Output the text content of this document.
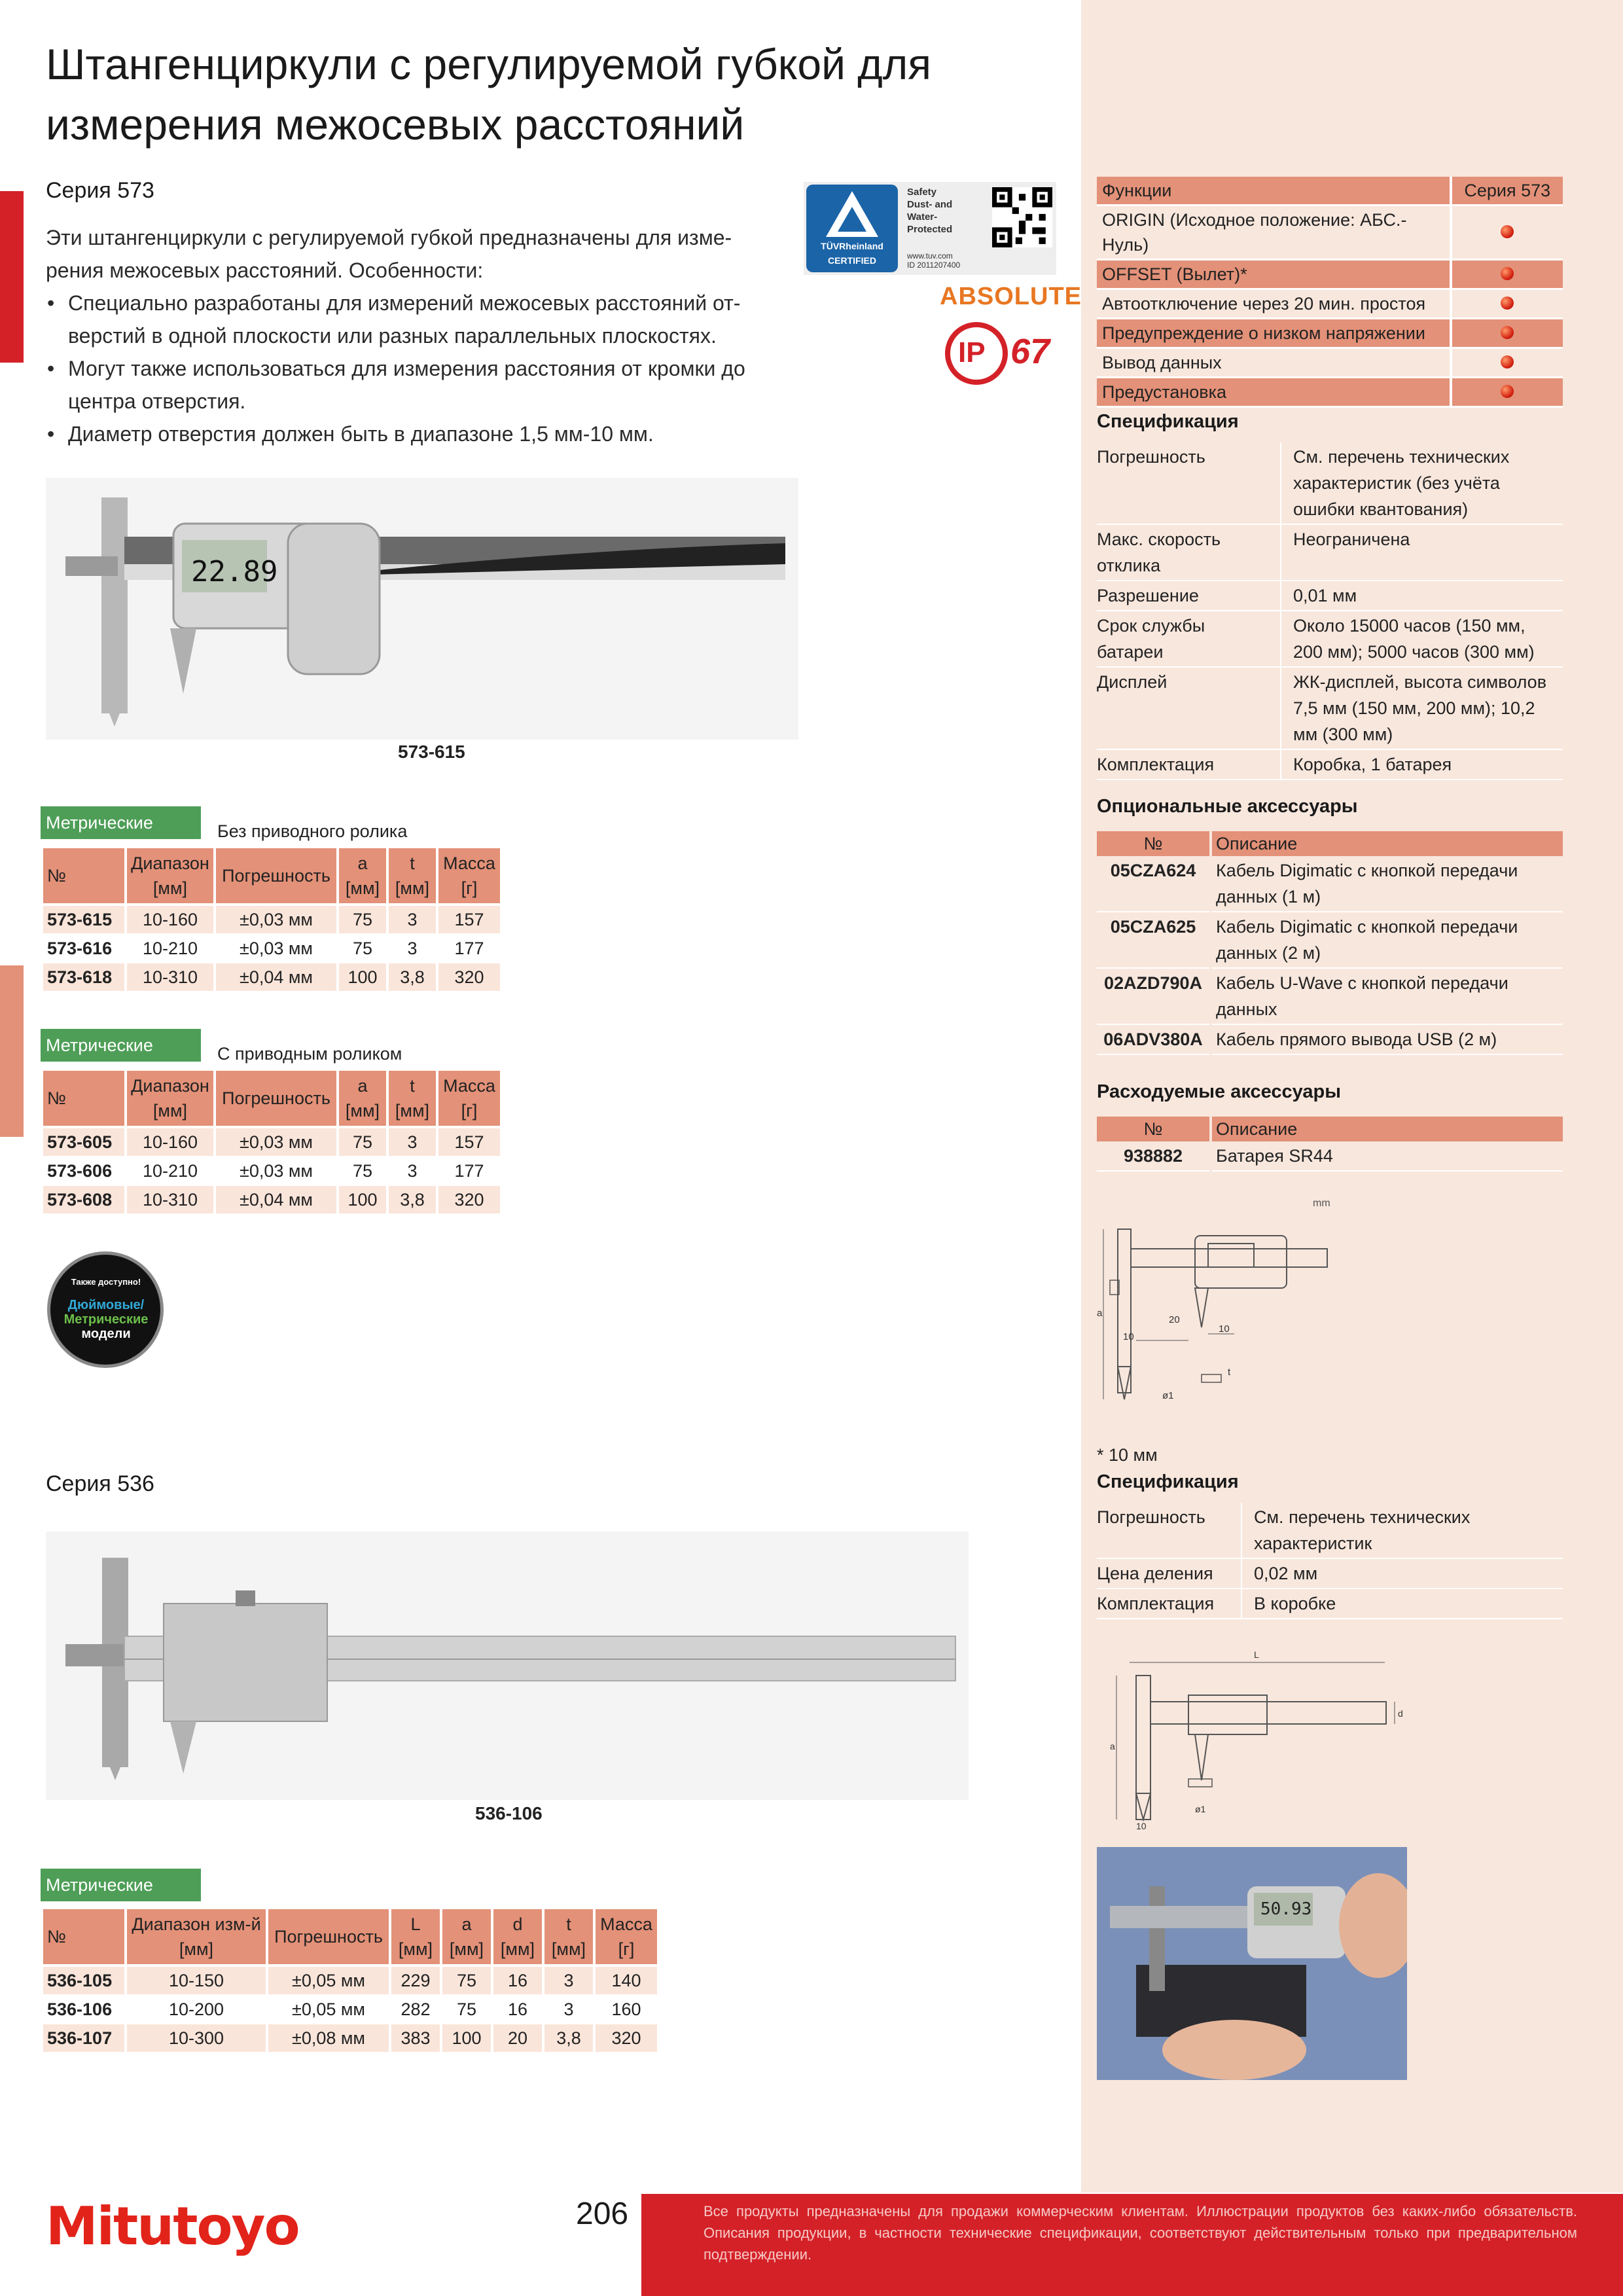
Штангенциркули с регулируемой губкой для измерения межосевых расстояний
Серия 573

Эти штангенциркули с регулируемой губкой предназначены для изме-рения межосевых расстояний. Особенности:

• Специально разработаны для измерений межосевых расстояний от-верстий в одной плоскости или разных параллельных плоскостях.
• Могут также использоваться для измерения расстояния от кромки до центра отверстия.
• Диаметр отверстия должен быть в диапазоне 1,5 мм-10 мм.
TÜVRheinland
CERTIFIED
Safety
Dust- and
Water-
Protected
www.tuv.com
ID 2011207400
ABSOLUTE
IP 67
22.89
573-615
Метрические	Без приводного ролика
№	Диапазон [мм]	Погрешность	a [мм]	t [мм]	Масса [г]
573-615	10-160	±0,03 мм	75	3	157
573-616	10-210	±0,03 мм	75	3	177
573-618	10-310	±0,04 мм	100	3,8	320
Метрические	С приводным роликом
№	Диапазон [мм]	Погрешность	a [мм]	t [мм]	Масса [г]
573-605	10-160	±0,03 мм	75	3	157
573-606	10-210	±0,03 мм	75	3	177
573-608	10-310	±0,04 мм	100	3,8	320
Также доступно!
Дюймовые/
Метрические
модели
Серия 536
536-106
Метрические
№	Диапазон изм-й [мм]	Погрешность	L [мм]	a [мм]	d [мм]	t [мм]	Масса [г]
536-105	10-150	±0,05 мм	229	75	16	3	140
536-106	10-200	±0,05 мм	282	75	16	3	160
536-107	10-300	±0,08 мм	383	100	20	3,8	320
Функции	Серия 573
ORIGIN (Исходное положение: АБС.-Нуль)	
OFFSET (Вылет)*	
Автоотключение через 20 мин. простоя	
Предупреждение о низком напряжении	
Вывод данных	
Предустановка	
Спецификация
Погрешность	См. перечень технических характеристик (без учёта ошибки квантования)
Макс. скорость отклика	Неограничена
Разрешение	0,01 мм
Срок службы батареи	Около 15000 часов (150 мм, 200 мм); 5000 часов (300 мм)
Дисплей	ЖК-дисплей, высота символов 7,5 мм (150 мм, 200 мм); 10,2 мм (300 мм)
Комплектация	Коробка, 1 батарея
Опциональные аксессуары
№	Описание
05CZA624	Кабель Digimatic с кнопкой передачи данных (1 м)
05CZA625	Кабель Digimatic с кнопкой передачи данных (2 м)
02AZD790A	Кабель U-Wave с кнопкой передачи данных
06ADV380A	Кабель прямого вывода USB (2 м)
Расходуемые аксессуары
№	Описание
938882	Батарея SR44
mm
a
10
20
10
ø1
t
* 10 мм
Спецификация
Погрешность	См. перечень технических характеристик
Цена деления	0,02 мм
Комплектация	В коробке
L
a
d
ø1
10
50.93
Mitutoyo	206	Все продукты предназначены для продажи коммерческим клиентам. Иллюстрации продуктов без каких-либо обязательств. Описания продукции, в частности технические спецификации, соответствуют действительным только при предварительном подтверждении.
